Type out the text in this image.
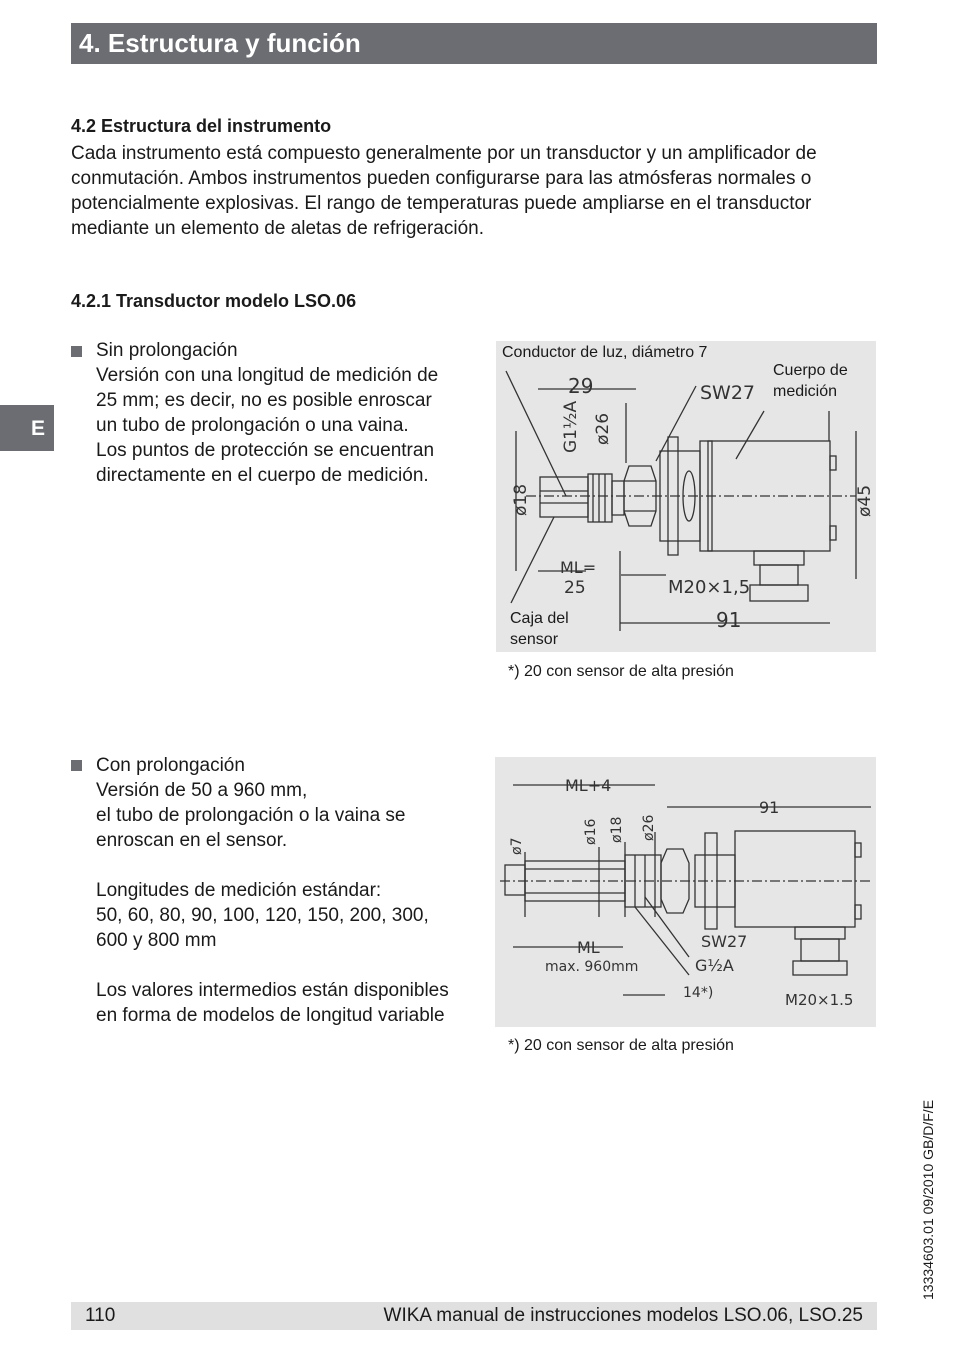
4. Estructura y función
E
4.2 Estructura del instrumento
Cada instrumento está compuesto generalmente por un transductor y un amplificador de conmutación. Ambos instrumentos pueden configurarse para las atmósferas normales o potencialmente explosivas. El rango de temperaturas puede ampliarse en el transductor mediante un elemento de aletas de refrigeración.
4.2.1 Transductor modelo LSO.06
Sin prolongación
Versión con una longitud de medición de
25 mm; es decir, no es posible enroscar
un tubo de prolongación o una vaina.
Los puntos de protección se encuentran
directamente en el cuerpo de medición.
29	SW27
G1½A ø26
ø18	ø45
ML=
25	M20×1,5
91
Conductor de luz, diámetro 7
Cuerpo de
medición
Caja del
sensor
*) 20 con sensor de alta presión
Con prolongación
Versión de 50 a 960 mm,
el tubo de prolongación o la vaina se
enroscan en el sensor.
Longitudes de medición estándar:
50, 60, 80, 90, 100, 120, 150, 200, 300,
600 y 800 mm
Los valores intermedios están disponibles
en forma de modelos de longitud variable
ML+4
91
ø7
ø16 ø18 ø26
ML
max. 960mm
SW27
G½A
14*)	M20×1.5
*) 20 con sensor de alta presión
110	WIKA manual de instrucciones modelos LSO.06, LSO.25
13334603.01 09/2010 GB/D/F/E
